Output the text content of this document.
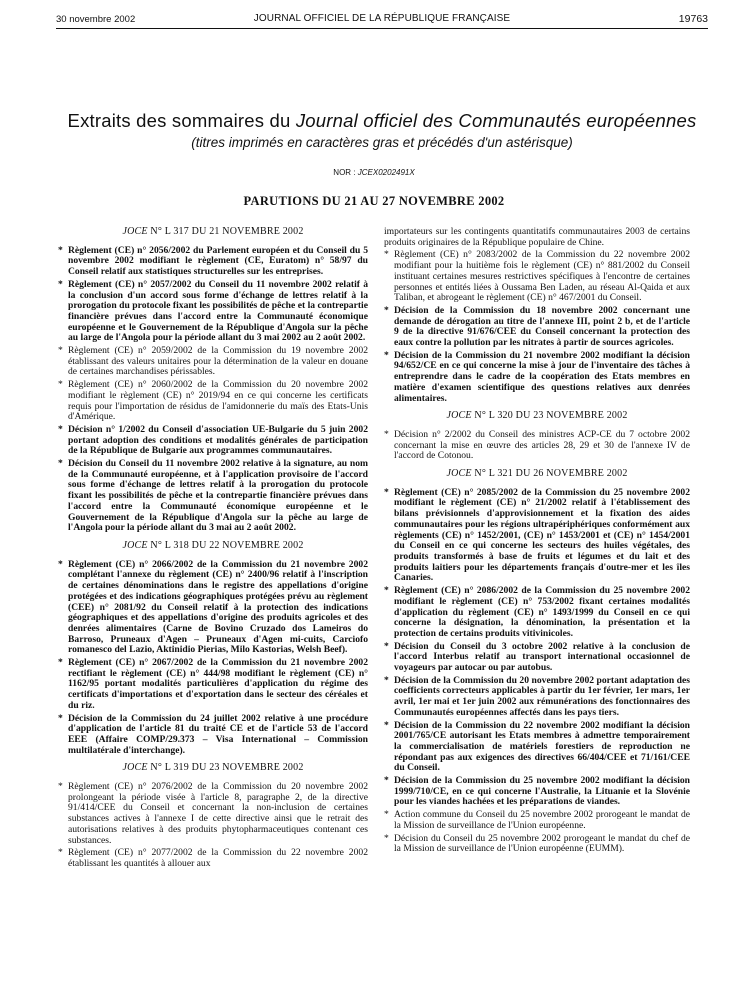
30 novembre 2002	JOURNAL OFFICIEL DE LA RÉPUBLIQUE FRANÇAISE	19763
Extraits des sommaires du Journal officiel des Communautés européennes
(titres imprimés en caractères gras et précédés d'un astérisque)
NOR : JCEX0202491X
PARUTIONS DU 21 AU 27 NOVEMBRE 2002
JOCE N° L 317 DU 21 NOVEMBRE 2002
* Règlement (CE) n° 2056/2002 du Parlement européen et du Conseil du 5 novembre 2002 modifiant le règlement (CE, Euratom) n° 58/97 du Conseil relatif aux statistiques structurelles sur les entreprises.
* Règlement (CE) n° 2057/2002 du Conseil du 11 novembre 2002 relatif à la conclusion d'un accord sous forme d'échange de lettres relatif à la prorogation du protocole fixant les possibilités de pêche et la contrepartie financière prévues dans l'accord entre la Communauté économique européenne et le Gouvernement de la République d'Angola sur la pêche au large de l'Angola pour la période allant du 3 mai 2002 au 2 août 2002.
* Règlement (CE) n° 2059/2002 de la Commission du 19 novembre 2002 établissant des valeurs unitaires pour la détermination de la valeur en douane de certaines marchandises périssables.
* Règlement (CE) n° 2060/2002 de la Commission du 20 novembre 2002 modifiant le règlement (CE) n° 2019/94 en ce qui concerne les certificats requis pour l'importation de résidus de l'amidonnerie du maïs des Etats-Unis d'Amérique.
* Décision n° 1/2002 du Conseil d'association UE-Bulgarie du 5 juin 2002 portant adoption des conditions et modalités générales de participation de la République de Bulgarie aux programmes communautaires.
* Décision du Conseil du 11 novembre 2002 relative à la signature, au nom de la Communauté européenne, et à l'application provisoire de l'accord sous forme d'échange de lettres relatif à la prorogation du protocole fixant les possibilités de pêche et la contrepartie financière prévues dans l'accord entre la Communauté économique européenne et le Gouvernement de la République d'Angola sur la pêche au large de l'Angola pour la période allant du 3 mai au 2 août 2002.
JOCE N° L 318 DU 22 NOVEMBRE 2002
* Règlement (CE) n° 2066/2002 de la Commission du 21 novembre 2002 complétant l'annexe du règlement (CE) n° 2400/96 relatif à l'inscription de certaines dénominations dans le registre des appellations d'origine protégées et des indications géographiques protégées prévu au règlement (CEE) n° 2081/92 du Conseil relatif à la protection des indications géographiques et des appellations d'origine des produits agricoles et des denrées alimentaires (Carne de Bovino Cruzado dos Lameiros do Barroso, Pruneaux d'Agen – Pruneaux d'Agen mi-cuits, Carciofo romanesco del Lazio, Aktinidio Pierias, Milo Kastorias, Welsh Beef).
* Règlement (CE) n° 2067/2002 de la Commission du 21 novembre 2002 rectifiant le règlement (CE) n° 444/98 modifiant le règlement (CE) n° 1162/95 portant modalités particulières d'application du régime des certificats d'importations et d'exportation dans le secteur des céréales et du riz.
* Décision de la Commission du 24 juillet 2002 relative à une procédure d'application de l'article 81 du traité CE et de l'article 53 de l'accord EEE (Affaire COMP/29.373 – Visa International – Commission multilatérale d'interchange).
JOCE N° L 319 DU 23 NOVEMBRE 2002
* Règlement (CE) n° 2076/2002 de la Commission du 20 novembre 2002 prolongeant la période visée à l'article 8, paragraphe 2, de la directive 91/414/CEE du Conseil et concernant la non-inclusion de certaines substances actives à l'annexe I de cette directive ainsi que le retrait des autorisations relatives à des produits phytopharmaceutiques contenant ces substances.
* Règlement (CE) n° 2077/2002 de la Commission du 22 novembre 2002 établissant les quantités à allouer aux
importateurs sur les contingents quantitatifs communautaires 2003 de certains produits originaires de la République populaire de Chine.
* Règlement (CE) n° 2083/2002 de la Commission du 22 novembre 2002 modifiant pour la huitième fois le règlement (CE) n° 881/2002 du Conseil instituant certaines mesures restrictives spécifiques à l'encontre de certaines personnes et entités liées à Oussama Ben Laden, au réseau Al-Qaida et aux Taliban, et abrogeant le règlement (CE) n° 467/2001 du Conseil.
* Décision de la Commission du 18 novembre 2002 concernant une demande de dérogation au titre de l'annexe III, point 2 b, et de l'article 9 de la directive 91/676/CEE du Conseil concernant la protection des eaux contre la pollution par les nitrates à partir de sources agricoles.
* Décision de la Commission du 21 novembre 2002 modifiant la décision 94/652/CE en ce qui concerne la mise à jour de l'inventaire des tâches à entreprendre dans le cadre de la coopération des Etats membres en matière d'examen scientifique des questions relatives aux denrées alimentaires.
JOCE N° L 320 DU 23 NOVEMBRE 2002
* Décision n° 2/2002 du Conseil des ministres ACP-CE du 7 octobre 2002 concernant la mise en œuvre des articles 28, 29 et 30 de l'annexe IV de l'accord de Cotonou.
JOCE N° L 321 DU 26 NOVEMBRE 2002
* Règlement (CE) n° 2085/2002 de la Commission du 25 novembre 2002 modifiant le règlement (CE) n° 21/2002 relatif à l'établissement des bilans prévisionnels d'approvisionnement et la fixation des aides communautaires pour les régions ultrapériphériques conformément aux règlements (CE) n° 1452/2001, (CE) n° 1453/2001 et (CE) n° 1454/2001 du Conseil en ce qui concerne les secteurs des huiles végétales, des produits transformés à base de fruits et légumes et du lait et des produits laitiers pour les départements français d'outre-mer et les îles Canaries.
* Règlement (CE) n° 2086/2002 de la Commission du 25 novembre 2002 modifiant le règlement (CE) n° 753/2002 fixant certaines modalités d'application du règlement (CE) n° 1493/1999 du Conseil en ce qui concerne la désignation, la dénomination, la présentation et la protection de certains produits vitivinicoles.
* Décision du Conseil du 3 octobre 2002 relative à la conclusion de l'accord Interbus relatif au transport international occasionnel de voyageurs par autocar ou par autobus.
* Décision de la Commission du 20 novembre 2002 portant adaptation des coefficients correcteurs applicables à partir du 1er février, 1er mars, 1er avril, 1er mai et 1er juin 2002 aux rémunérations des fonctionnaires des Communautés européennes affectés dans les pays tiers.
* Décision de la Commission du 22 novembre 2002 modifiant la décision 2001/765/CE autorisant les Etats membres à admettre temporairement la commercialisation de matériels forestiers de reproduction ne répondant pas aux exigences des directives 66/404/CEE et 71/161/CEE du Conseil.
* Décision de la Commission du 25 novembre 2002 modifiant la décision 1999/710/CE, en ce qui concerne l'Australie, la Lituanie et la Slovénie pour les viandes hachées et les préparations de viandes.
* Action commune du Conseil du 25 novembre 2002 prorogeant le mandat de la Mission de surveillance de l'Union européenne.
* Décision du Conseil du 25 novembre 2002 prorogeant le mandat du chef de la Mission de surveillance de l'Union européenne (EUMM).
